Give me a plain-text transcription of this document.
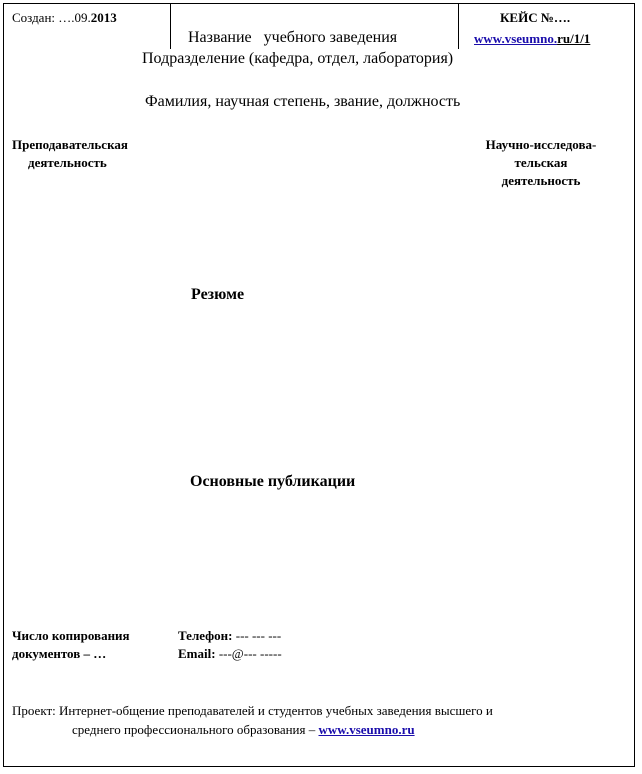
Создан: ….09.2013
Название   учебного заведения
КЕЙС №….
www.vseumno.ru/1/1
Подразделение (кафедра, отдел, лаборатория)
Фамилия, научная степень, звание, должность
Преподавательская
деятельность
Научно-исследова-
тельская
деятельность
Резюме
Основные публикации
Число копирования
документов – …
Телефон: --- --- ---
Email: ---@--- -----
Проект: Интернет-общение преподавателей и студентов учебных заведения высшего и
среднего профессионального образования – www.vseumno.ru
